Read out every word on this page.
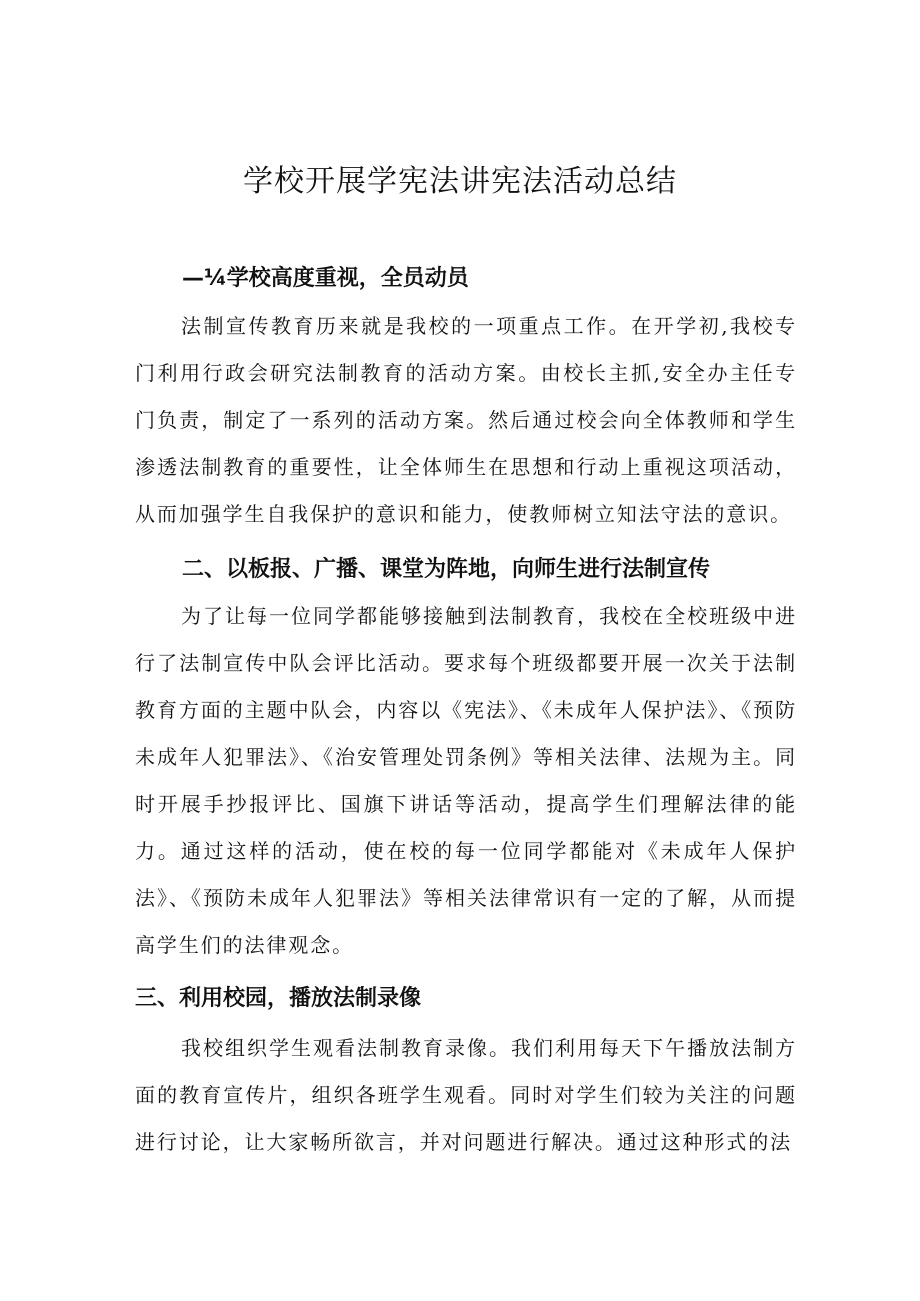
学校开展学宪法讲宪法活动总结
—¼学校高度重视，全员动员

法制宣传教育历来就是我校的一项重点工作。在开学初,我校专门利用行政会研究法制教育的活动方案。由校长主抓,安全办主任专门负责，制定了一系列的活动方案。然后通过校会向全体教师和学生渗透法制教育的重要性，让全体师生在思想和行动上重视这项活动，从而加强学生自我保护的意识和能力，使教师树立知法守法的意识。

二、以板报、广播、课堂为阵地，向师生进行法制宣传

为了让每一位同学都能够接触到法制教育，我校在全校班级中进行了法制宣传中队会评比活动。要求每个班级都要开展一次关于法制教育方面的主题中队会，内容以《宪法》、《未成年人保护法》、《预防未成年人犯罪法》、《治安管理处罚条例》等相关法律、法规为主。同时开展手抄报评比、国旗下讲话等活动，提高学生们理解法律的能力。通过这样的活动，使在校的每一位同学都能对《未成年人保护法》、《预防未成年人犯罪法》等相关法律常识有一定的了解，从而提高学生们的法律观念。

三、利用校园，播放法制录像

我校组织学生观看法制教育录像。我们利用每天下午播放法制方面的教育宣传片，组织各班学生观看。同时对学生们较为关注的问题进行讨论，让大家畅所欲言，并对问题进行解决。通过这种形式的法
